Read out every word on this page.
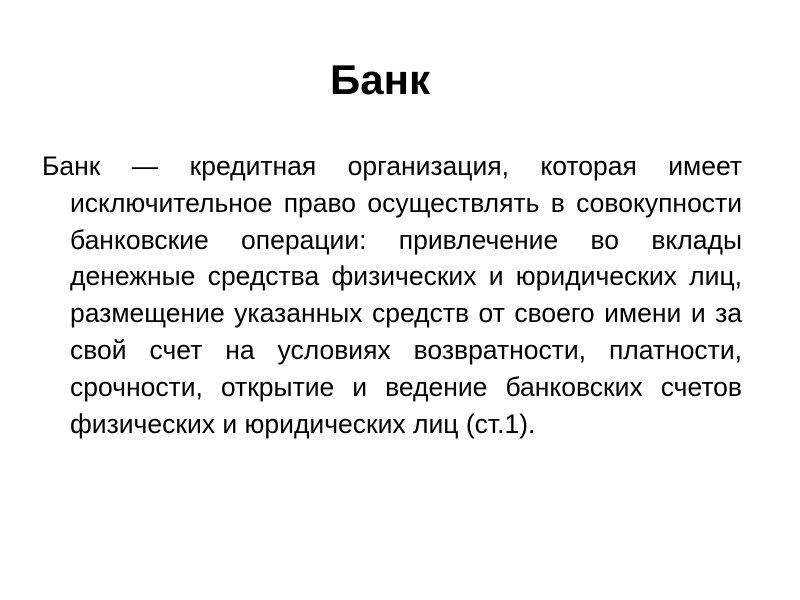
Банк

Банк — кредитная организация, которая имеет исключительное право осуществлять в совокупности банковские операции: привлечение во вклады денежные средства физических и юридических лиц, размещение указанных средств от своего имени и за свой счет на условиях возвратности, платности, срочности, открытие и ведение банковских счетов физических и юридических лиц (ст.1).
